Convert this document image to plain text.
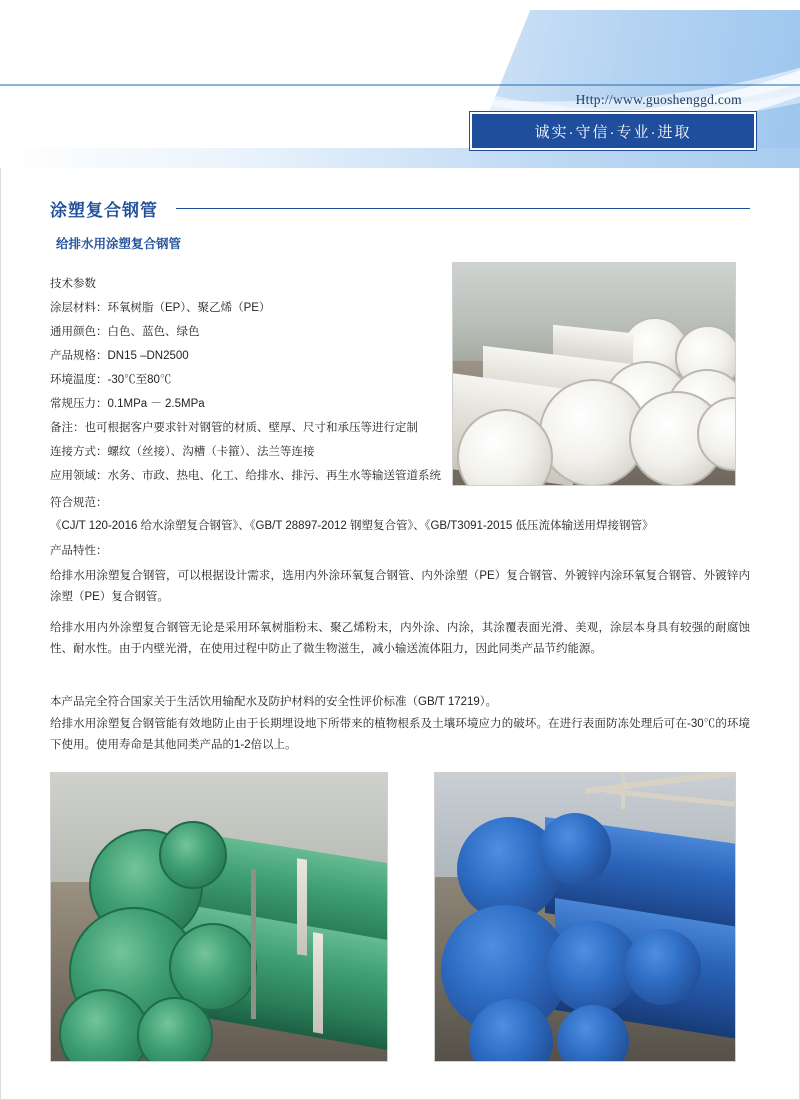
Http://www.guoshenggd.com
诚实·守信·专业·进取
涂塑复合钢管
给排水用涂塑复合钢管
技术参数
涂层材料：环氧树脂（EP）、聚乙烯（PE）
通用颜色：白色、蓝色、绿色
产品规格：DN15 –DN2500
环境温度：-30℃至80℃
常规压力：0.1MPa － 2.5MPa
备注：也可根据客户要求针对钢管的材质、壁厚、尺寸和承压等进行定制
连接方式：螺纹（丝接）、沟槽（卡箍）、法兰等连接
应用领域：水务、市政、热电、化工、给排水、排污、再生水等输送管道系统
符合规范：
《CJ/T 120-2016 给水涂塑复合钢管》、《GB/T 28897-2012 钢塑复合管》、《GB/T3091-2015 低压流体输送用焊接钢管》
产品特性：
给排水用涂塑复合钢管，可以根据设计需求，选用内外涂环氧复合钢管、内外涂塑（PE）复合钢管、外镀锌内涂环氧复合钢管、外镀锌内涂塑（PE）复合钢管。
给排水用内外涂塑复合钢管无论是采用环氧树脂粉末、聚乙烯粉末，内外涂、内涂，其涂覆表面光滑、美观，涂层本身具有较强的耐腐蚀性、耐水性。由于内壁光滑，在使用过程中防止了微生物滋生，减小输送流体阻力，因此同类产品节约能源。
本产品完全符合国家关于生活饮用输配水及防护材料的安全性评价标准（GB/T 17219）。
给排水用涂塑复合钢管能有效地防止由于长期埋设地下所带来的植物根系及土壤环境应力的破坏。在进行表面防冻处理后可在-30℃的环境下使用。使用寿命是其他同类产品的1-2倍以上。
